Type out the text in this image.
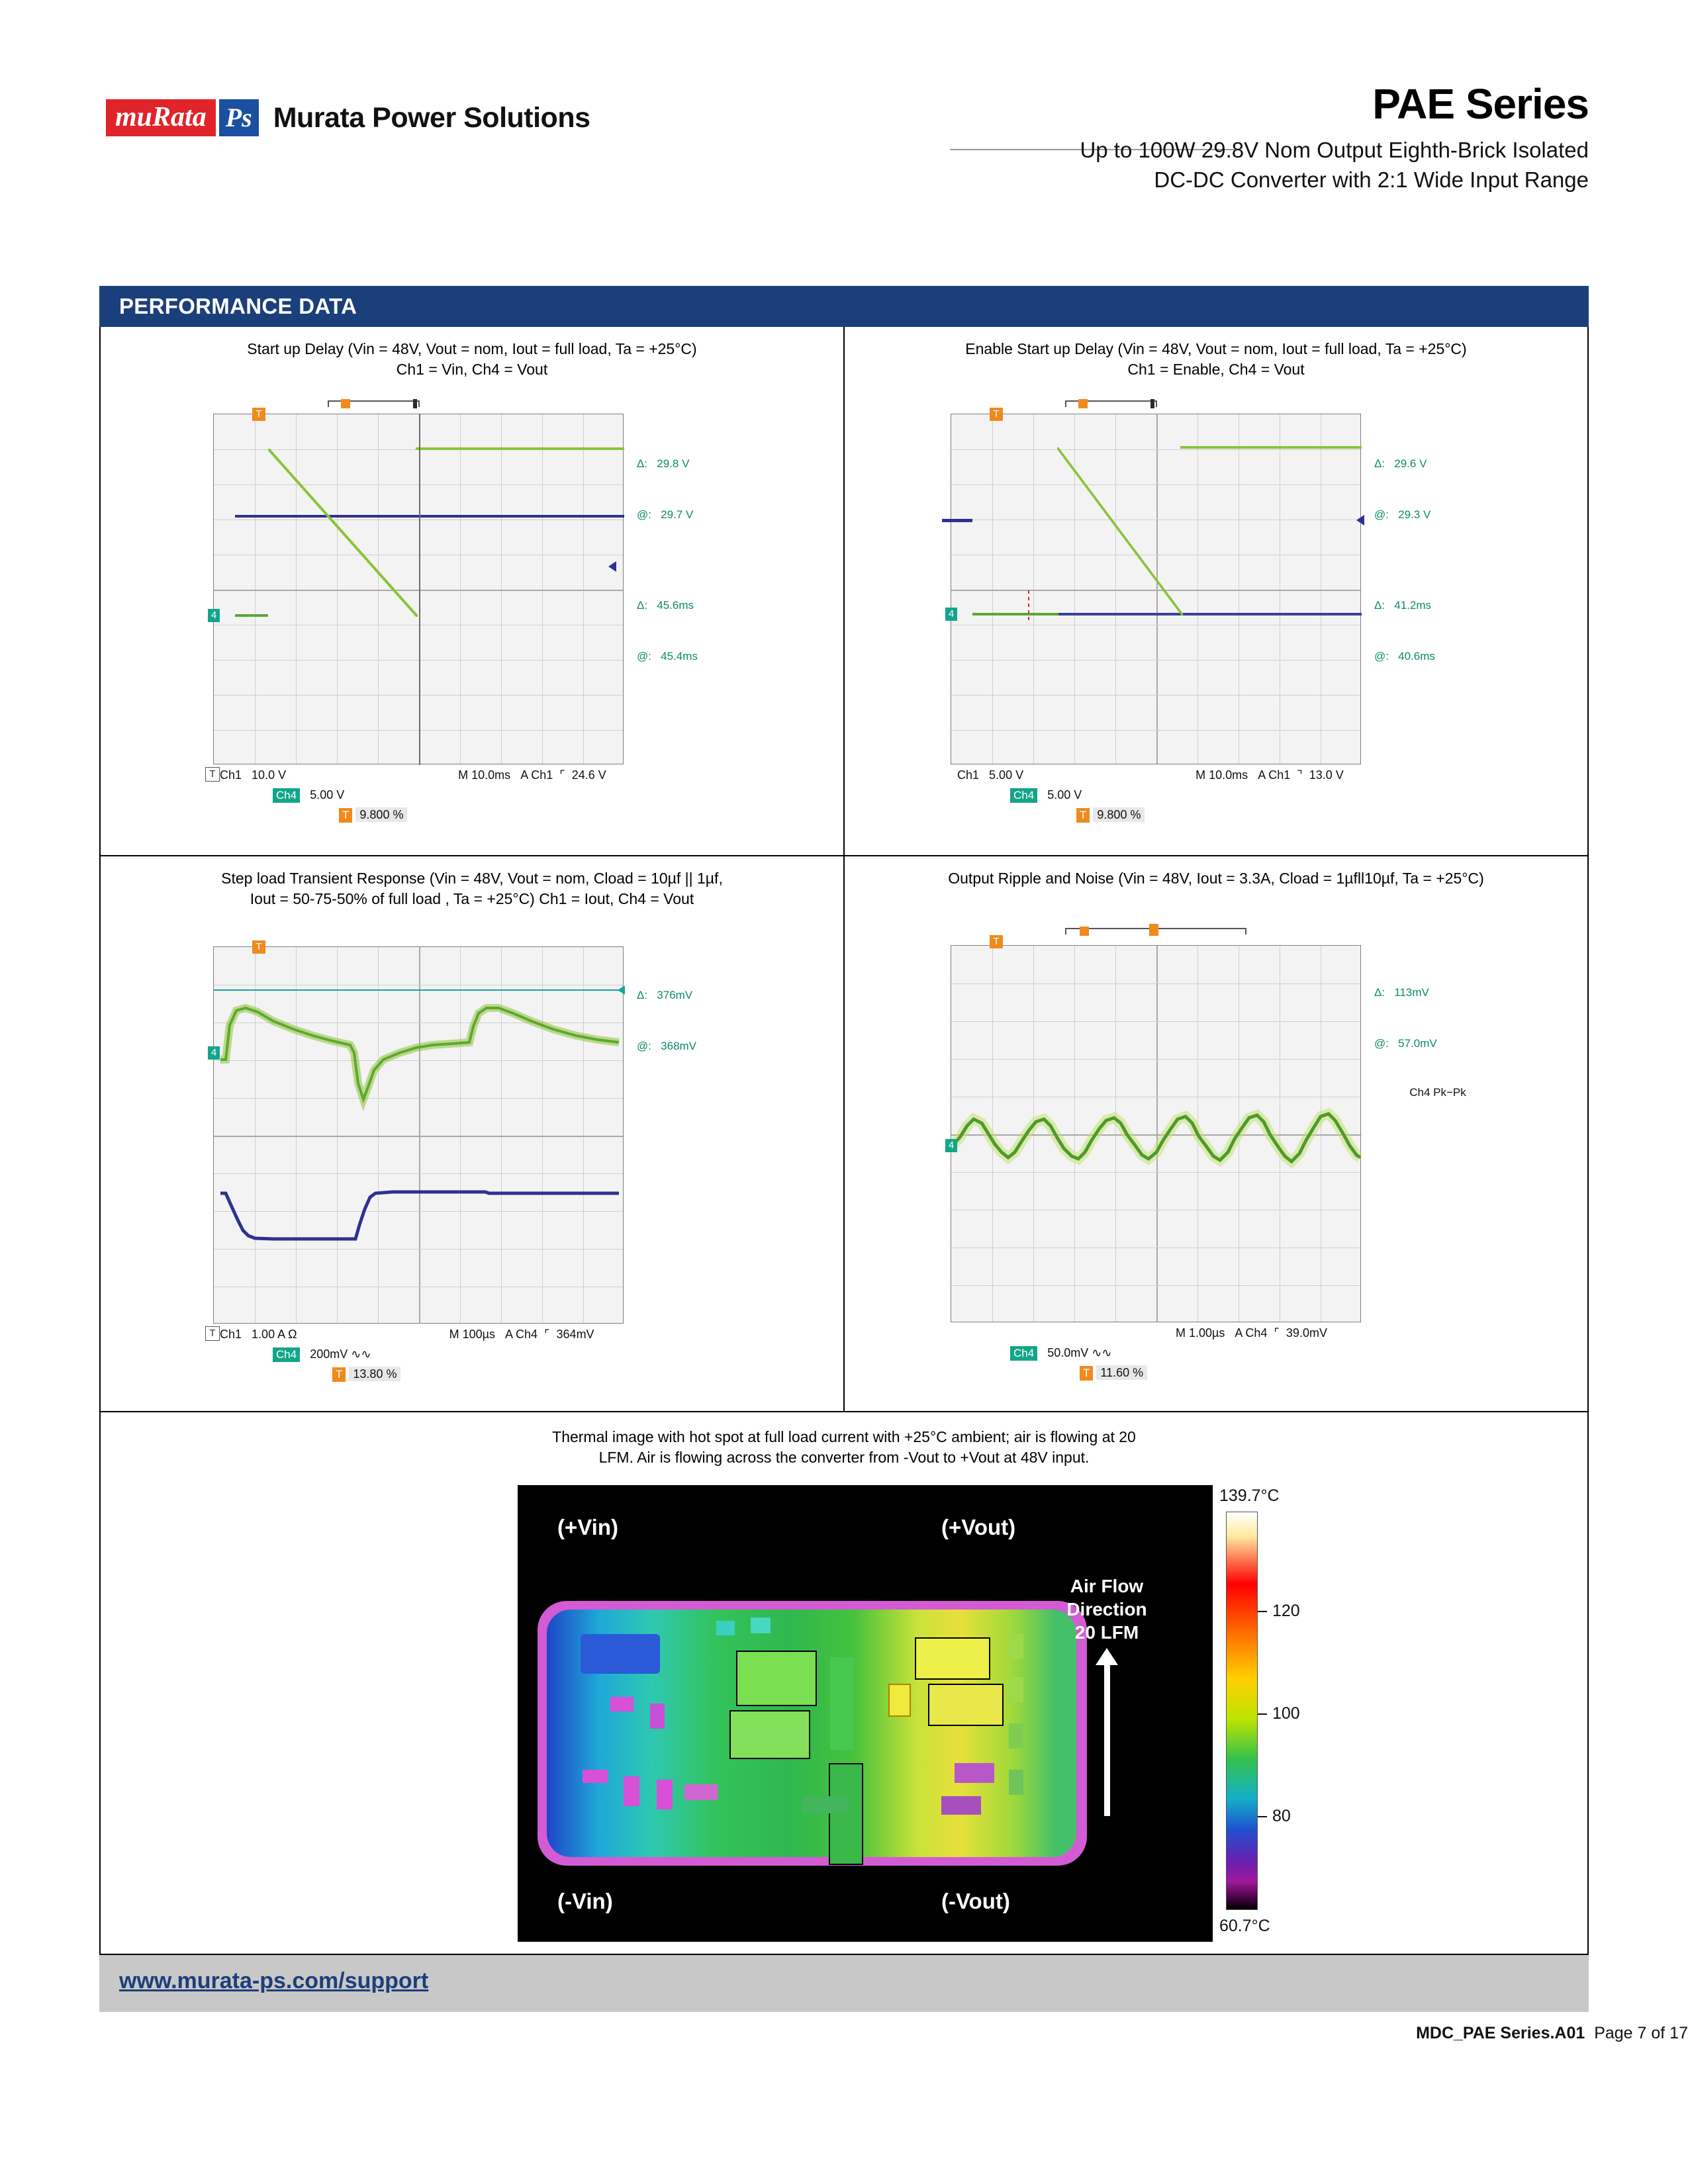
muRata Ps Murata Power Solutions	PAE Series
Up to 100W 29.8V Nom Output Eighth-Brick Isolated
DC-DC Converter with 2:1 Wide Input Range
PERFORMANCE DATA
Start up Delay (Vin = 48V, Vout = nom, Iout = full load, Ta = +25°C)
Ch1 = Vin, Ch4 = Vout
T
4

Δ: 29.8 V

@: 29.7 V

Δ: 45.6ms

@: 45.4ms

T Ch1 10.0 V	M 10.0ms A Ch1  ⌜  24.6 V
Ch4 5.00 V
T 9.800 %
Enable Start up Delay (Vin = 48V, Vout = nom, Iout = full load, Ta = +25°C)
Ch1 = Enable, Ch4 = Vout
T
4

Δ: 29.6 V

@: 29.3 V

Δ: 41.2ms

@: 40.6ms

Ch1 5.00 V	M 10.0ms A Ch1  ⌝  13.0 V
Ch4 5.00 V
T 9.800 %
Step load Transient Response (Vin = 48V, Vout = nom, Cload = 10µf || 1µf,
Iout = 50-75-50% of full load , Ta = +25°C) Ch1 = Iout, Ch4 = Vout
T
4

Δ: 376mV

@: 368mV

T Ch1 1.00 A Ω	M 100µs A Ch4  ⌜  364mV
Ch4 200mV ∿∿
T 13.80 %
Output Ripple and Noise (Vin = 48V, Iout = 3.3A, Cload = 1µfll10µf, Ta = +25°C)
T
4

Δ: 113mV

@: 57.0mV

Ch4 Pk−Pk

M 1.00µs A Ch4  ⌜  39.0mV
Ch4 50.0mV ∿∿
T 11.60 %
Thermal image with hot spot at full load current with +25°C ambient; air is flowing at 20
LFM. Air is flowing across the converter from -Vout to +Vout at 48V input.
(+Vin)	(+Vout)
(-Vin)	(-Vout)
Air Flow
Direction
20 LFM
139.7°C
120
100
80
60.7°C
www.murata-ps.com/support
MDC_PAE Series.A01 Page 7 of 17
